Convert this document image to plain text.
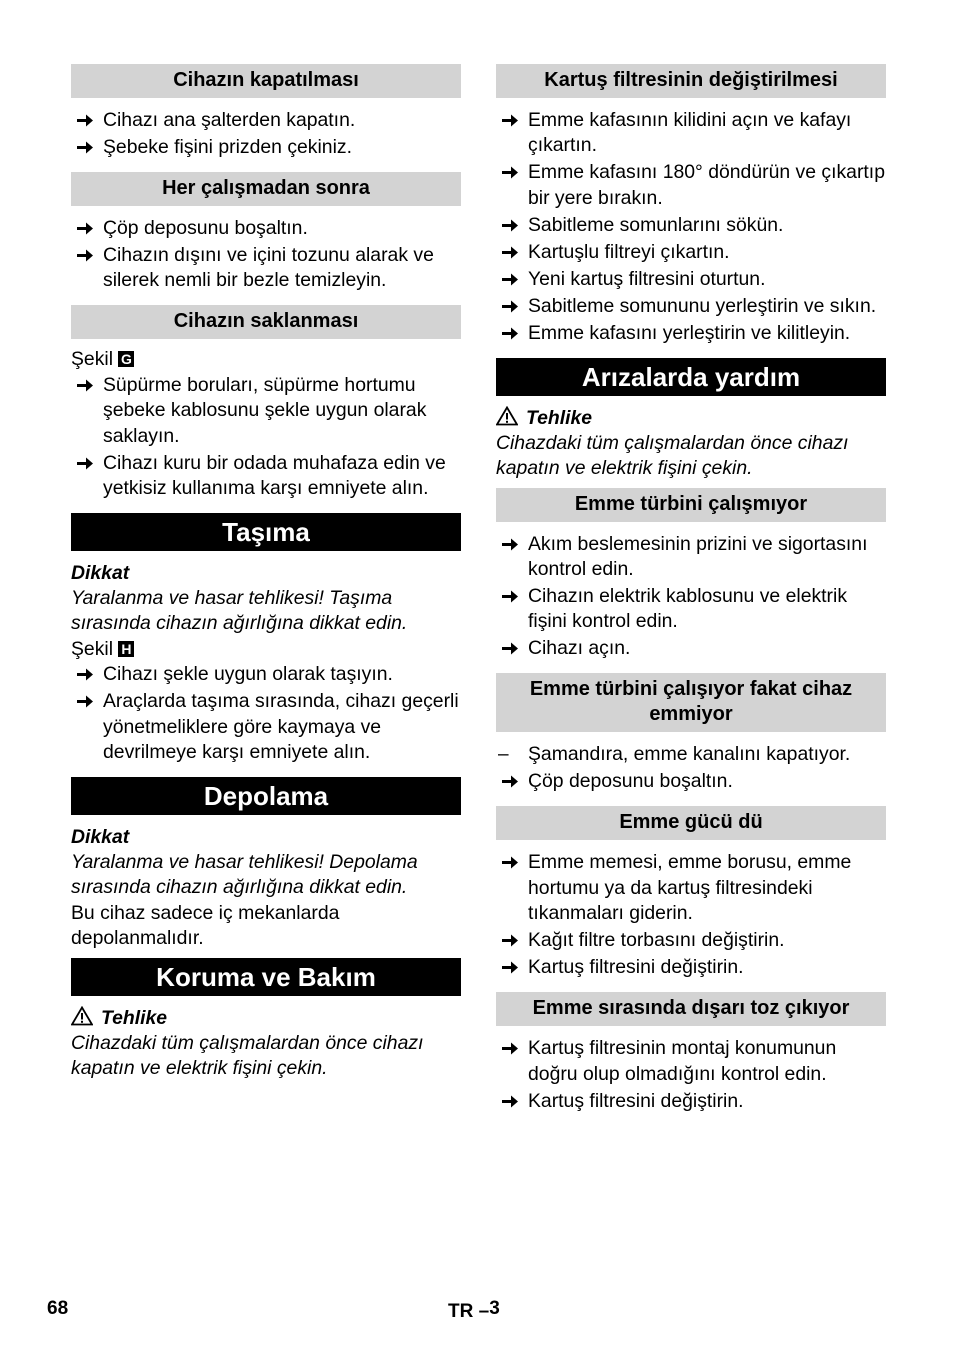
Cihazın kapatılması
Cihazı ana şalterden kapatın.
Şebeke fişini prizden çekiniz.
Her çalışmadan sonra
Çöp deposunu boşaltın.
Cihazın dışını ve içini tozunu alarak ve silerek nemli bir bezle temizleyin.
Cihazın saklanması

Şekil G

Süpürme boruları, süpürme hortumu şebeke kablosunu şekle uygun olarak saklayın.
Cihazı kuru bir odada muhafaza edin ve yetkisiz kullanıma karşı emniyete alın.
Taşıma

Dikkat

Yaralanma ve hasar tehlikesi! Taşıma sırasında cihazın ağırlığına dikkat edin.

Şekil H

Cihazı şekle uygun olarak taşıyın.
Araçlarda taşıma sırasında, cihazı geçerli yönetmeliklere göre kaymaya ve devrilmeye karşı emniyete alın.
Depolama

Dikkat

Yaralanma ve hasar tehlikesi! Depolama sırasında cihazın ağırlığına dikkat edin.

Bu cihaz sadece iç mekanlarda depolanmalıdır.

Koruma ve Bakım

Tehlike

Cihazdaki tüm çalışmalardan önce cihazı kapatın ve elektrik fişini çekin.

Kartuş filtresinin değiştirilmesi
Emme kafasının kilidini açın ve kafayı çıkartın.
Emme kafasını 180° döndürün ve çıkartıp bir yere bırakın.
Sabitleme somunlarını sökün.
Kartuşlu filtreyi çıkartın.
Yeni kartuş filtresini oturtun.
Sabitleme somununu yerleştirin ve sıkın.
Emme kafasını yerleştirin ve kilitleyin.
Arızalarda yardım

Tehlike

Cihazdaki tüm çalışmalardan önce cihazı kapatın ve elektrik fişini çekin.

Emme türbini çalışmıyor
Akım beslemesinin prizini ve sigortasını kontrol edin.
Cihazın elektrik kablosunu ve elektrik fişini kontrol edin.
Cihazı açın.
Emme türbini çalışıyor fakat cihaz emmiyor
– Şamandıra, emme kanalını kapatıyor.
Çöp deposunu boşaltın.
Emme gücü dü
Emme memesi, emme borusu, emme hortumu ya da kartuş filtresindeki tıkanmaları giderin.
Kağıt filtre torbasını değiştirin.
Kartuş filtresini değiştirin.
Emme sırasında dışarı toz çıkıyor
Kartuş filtresinin montaj konumunun doğru olup olmadığını kontrol edin.
Kartuş filtresini değiştirin.
68	TR –3
